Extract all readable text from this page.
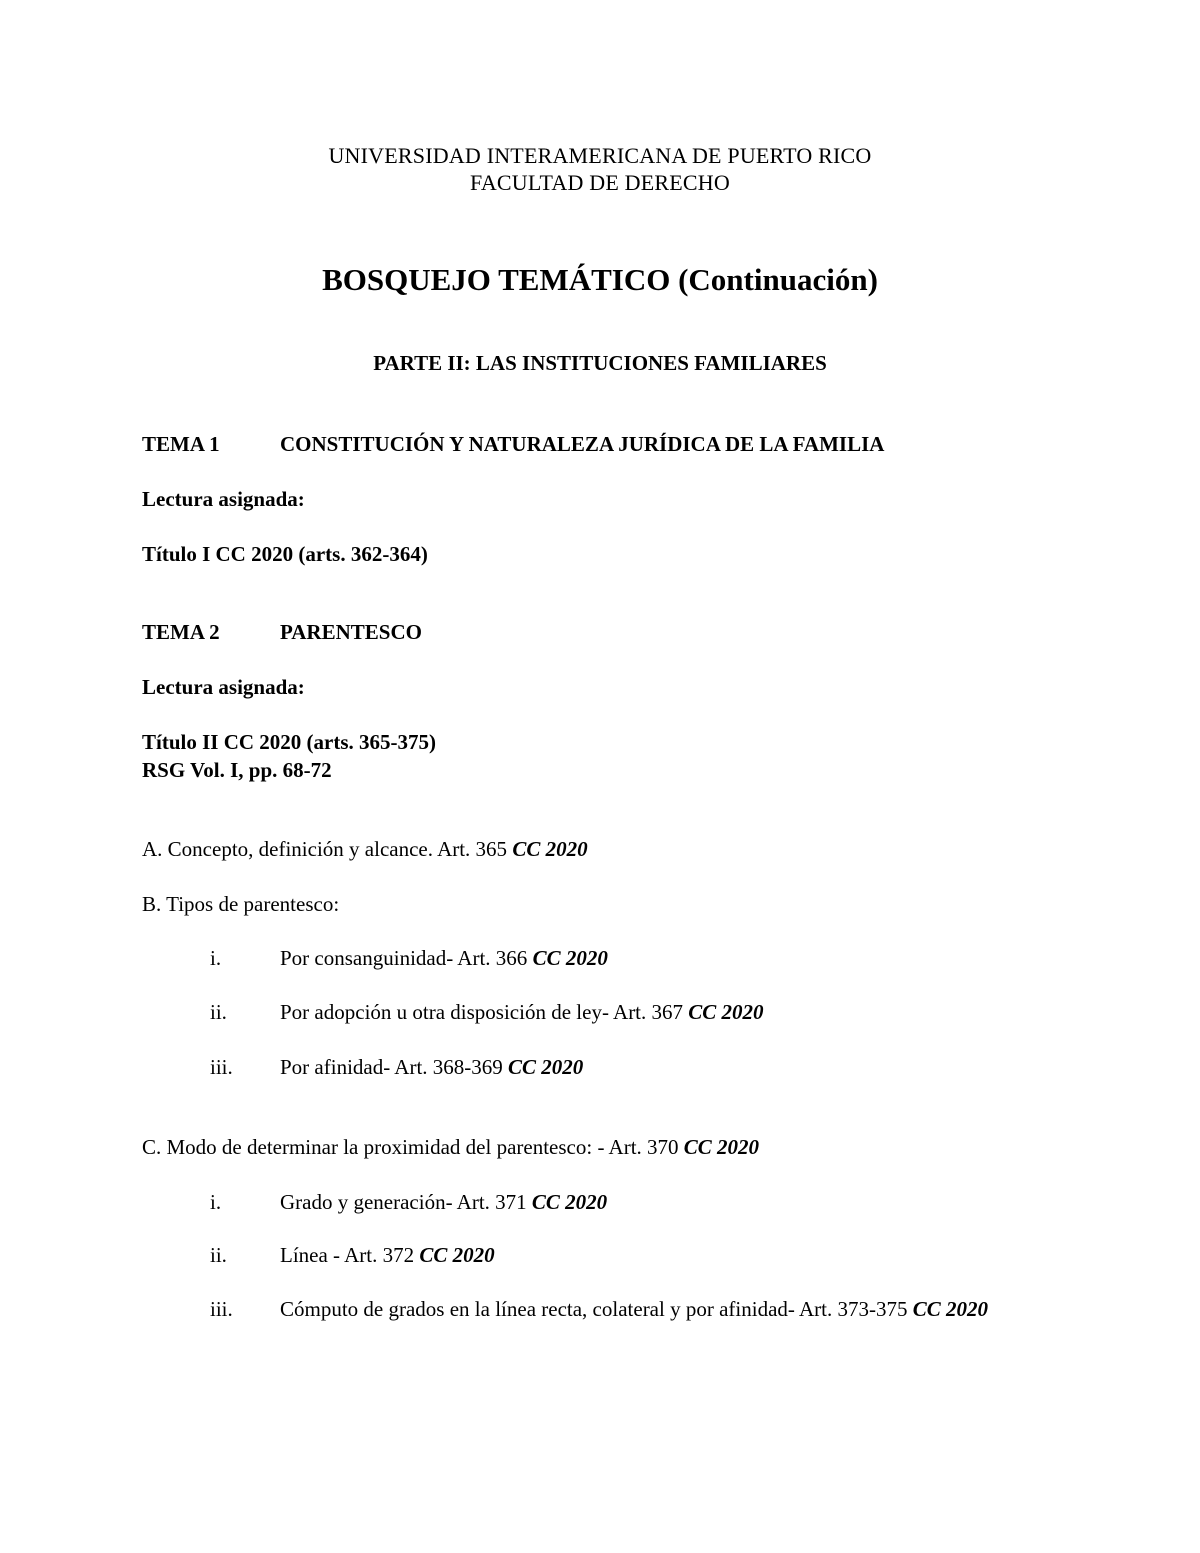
UNIVERSIDAD INTERAMERICANA DE PUERTO RICO
FACULTAD DE DERECHO
BOSQUEJO TEMÁTICO (Continuación)
PARTE II: LAS INSTITUCIONES FAMILIARES
TEMA 1	CONSTITUCIÓN Y NATURALEZA JURÍDICA DE LA FAMILIA
Lectura asignada:
Título I CC 2020 (arts. 362-364)
TEMA 2	PARENTESCO
Lectura asignada:
Título II CC 2020 (arts. 365-375)
RSG Vol. I, pp. 68-72
A. Concepto, definición y alcance. Art. 365 CC 2020
B. Tipos de parentesco:
i.	Por consanguinidad- Art. 366 CC 2020
ii.	Por adopción u otra disposición de ley- Art. 367 CC 2020
iii. Por afinidad- Art. 368-369 CC 2020
C. Modo de determinar la proximidad del parentesco: - Art. 370 CC 2020
i.	Grado y generación- Art. 371 CC 2020
ii.	Línea - Art. 372 CC 2020
iii. Cómputo de grados en la línea recta, colateral y por afinidad- Art. 373-375 CC 2020
